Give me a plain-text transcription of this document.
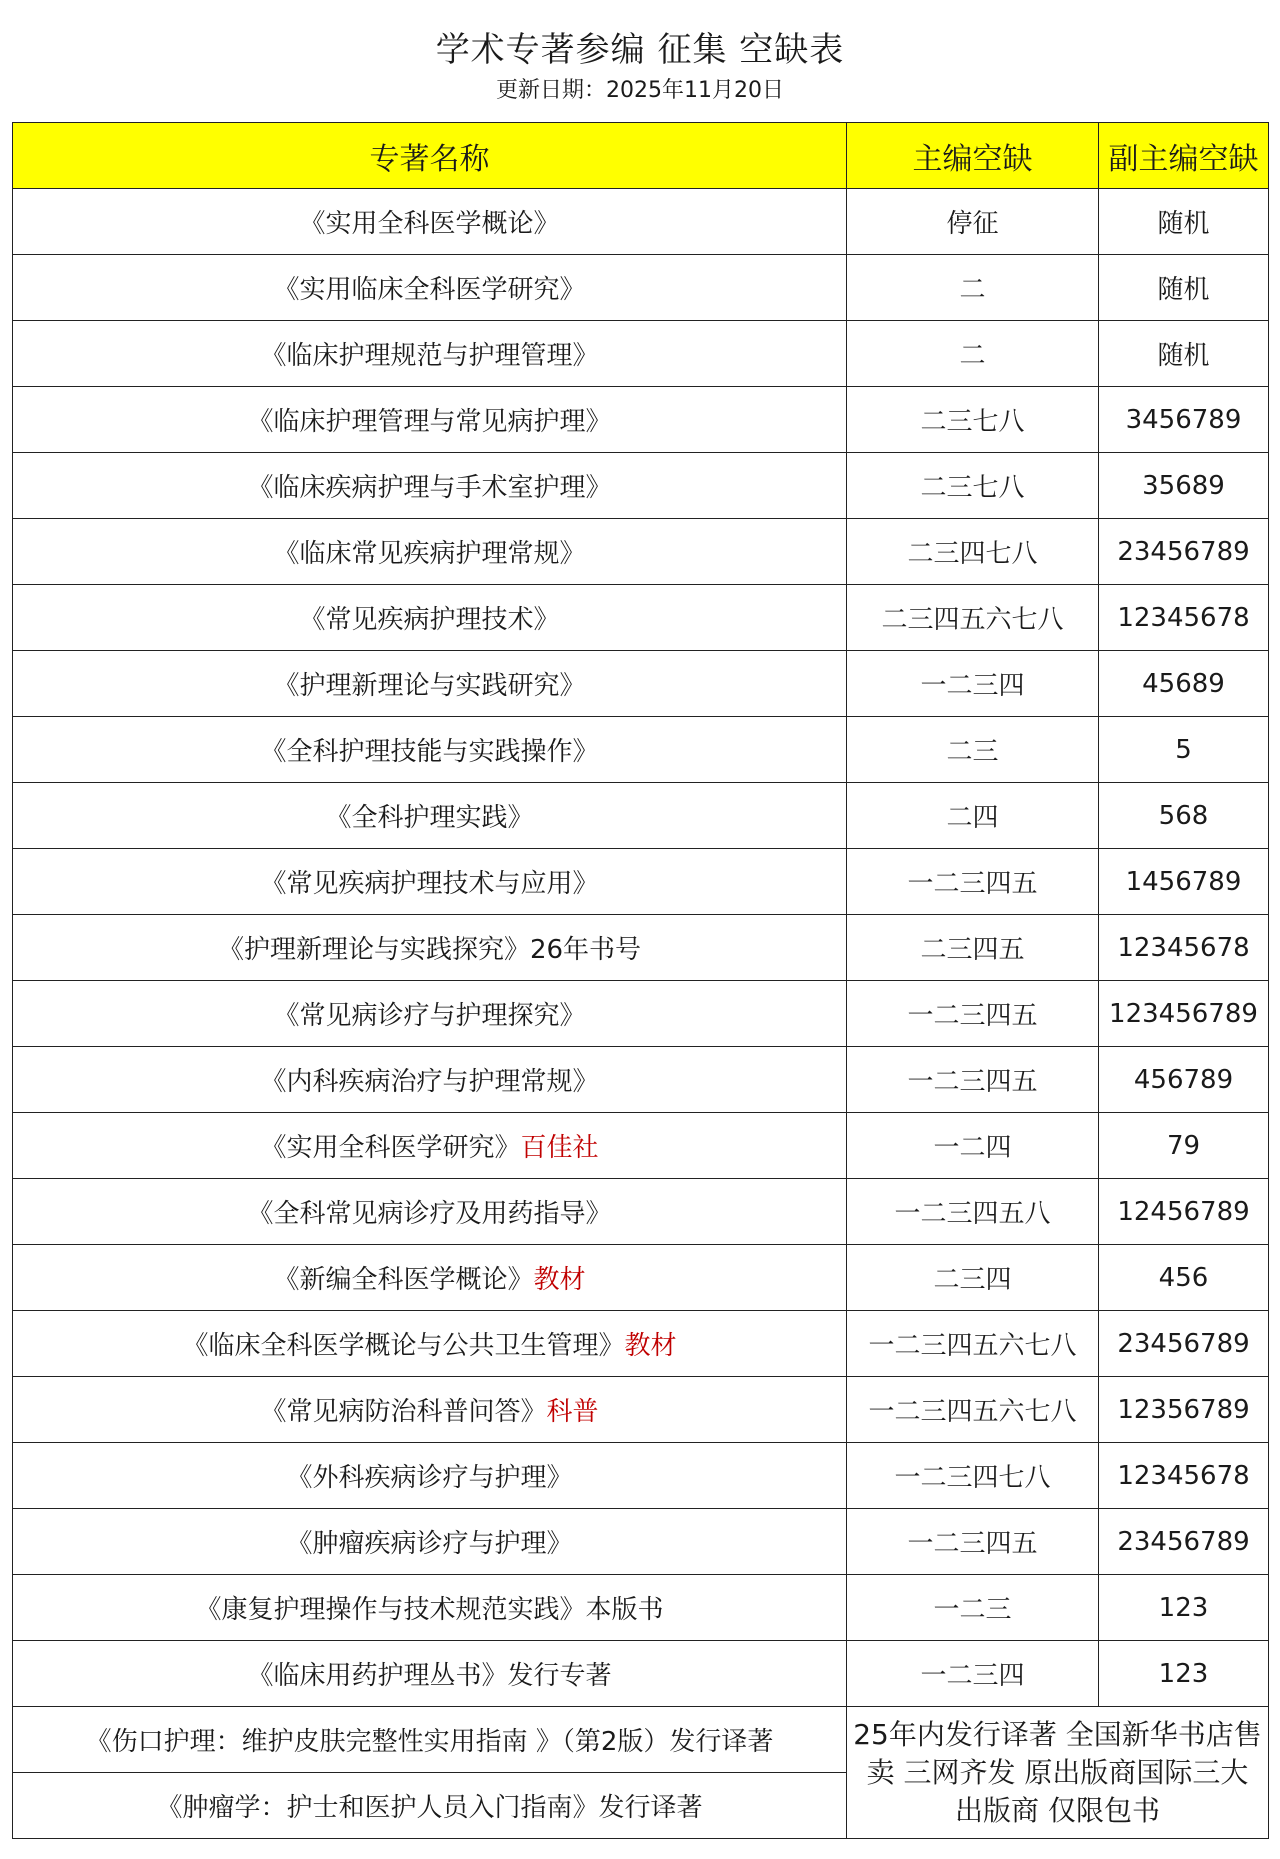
学术专著参编 征集 空缺表
更新日期：2025年11月20日
专著名称	主编空缺	副主编空缺
《实用全科医学概论》	停征	随机
《实用临床全科医学研究》	二	随机
《临床护理规范与护理管理》	二	随机
《临床护理管理与常见病护理》	二三七八	3456789
《临床疾病护理与手术室护理》	二三七八	35689
《临床常见疾病护理常规》	二三四七八	23456789
《常见疾病护理技术》	二三四五六七八	12345678
《护理新理论与实践研究》	一二三四	45689
《全科护理技能与实践操作》	二三	5
《全科护理实践》	二四	568
《常见疾病护理技术与应用》	一二三四五	1456789
《护理新理论与实践探究》26年书号	二三四五	12345678
《常见病诊疗与护理探究》	一二三四五	123456789
《内科疾病治疗与护理常规》	一二三四五	456789
《实用全科医学研究》百佳社	一二四	79
《全科常见病诊疗及用药指导》	一二三四五八	12456789
《新编全科医学概论》教材	二三四	456
《临床全科医学概论与公共卫生管理》教材	一二三四五六七八	23456789
《常见病防治科普问答》科普	一二三四五六七八	12356789
《外科疾病诊疗与护理》	一二三四七八	12345678
《肿瘤疾病诊疗与护理》	一二三四五	23456789
《康复护理操作与技术规范实践》本版书	一二三	123
《临床用药护理丛书》发行专著	一二三四	123
《伤口护理：维护皮肤完整性实用指南 》（第2版）发行译著	25年内发行译著 全国新华书店售卖 三网齐发 原出版商国际三大出版商 仅限包书	
《肿瘤学：护士和医护人员入门指南》发行译著		
